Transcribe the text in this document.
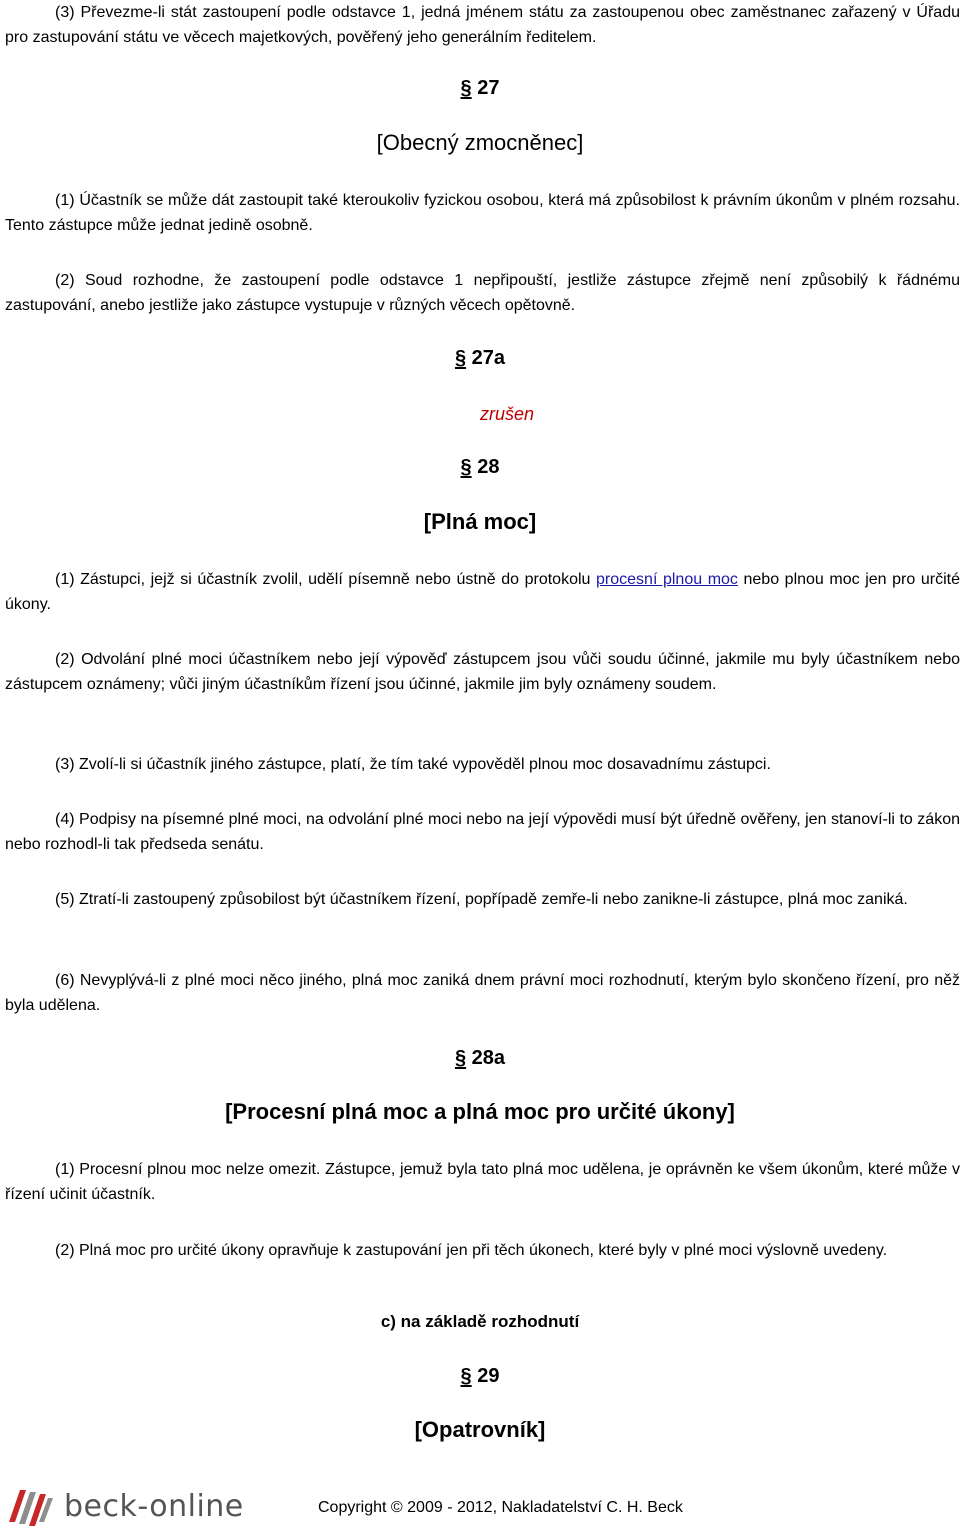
(3) Převezme-li stát zastoupení podle odstavce 1, jedná jménem státu za zastoupenou obec zaměstnanec zařazený v Úřadu pro zastupování státu ve věcech majetkových, pověřený jeho generálním ředitelem.

§ 27
[Obecný zmocněnec]

(1) Účastník se může dát zastoupit také kteroukoliv fyzickou osobou, která má způsobilost k právním úkonům v plném rozsahu. Tento zástupce může jednat jedině osobně.

(2) Soud rozhodne, že zastoupení podle odstavce 1 nepřipouští, jestliže zástupce zřejmě není způsobilý k řádnému zastupování, anebo jestliže jako zástupce vystupuje v různých věcech opětovně.

§ 27a
zrušen
§ 28
[Plná moc]

(1) Zástupci, jejž si účastník zvolil, udělí písemně nebo ústně do protokolu procesní plnou moc nebo plnou moc jen pro určité úkony.

(2) Odvolání plné moci účastníkem nebo její výpověď zástupcem jsou vůči soudu účinné, jakmile mu byly účastníkem nebo zástupcem oznámeny; vůči jiným účastníkům řízení jsou účinné, jakmile jim byly oznámeny soudem.

(3) Zvolí-li si účastník jiného zástupce, platí, že tím také vypověděl plnou moc dosavadnímu zástupci.

(4) Podpisy na písemné plné moci, na odvolání plné moci nebo na její výpovědi musí být úředně ověřeny, jen stanoví-li to zákon nebo rozhodl-li tak předseda senátu.

(5) Ztratí-li zastoupený způsobilost být účastníkem řízení, popřípadě zemře-li nebo zanikne-li zástupce, plná moc zaniká.

(6) Nevyplývá-li z plné moci něco jiného, plná moc zaniká dnem právní moci rozhodnutí, kterým bylo skončeno řízení, pro něž byla udělena.

§ 28a
[Procesní plná moc a plná moc pro určité úkony]

(1) Procesní plnou moc nelze omezit. Zástupce, jemuž byla tato plná moc udělena, je oprávněn ke všem úkonům, které může v řízení učinit účastník.

(2) Plná moc pro určité úkony opravňuje k zastupování jen při těch úkonech, které byly v plné moci výslovně uvedeny.

c) na základě rozhodnutí
§ 29
[Opatrovník]
beck-online	Copyright © 2009 - 2012, Nakladatelství C. H. Beck
